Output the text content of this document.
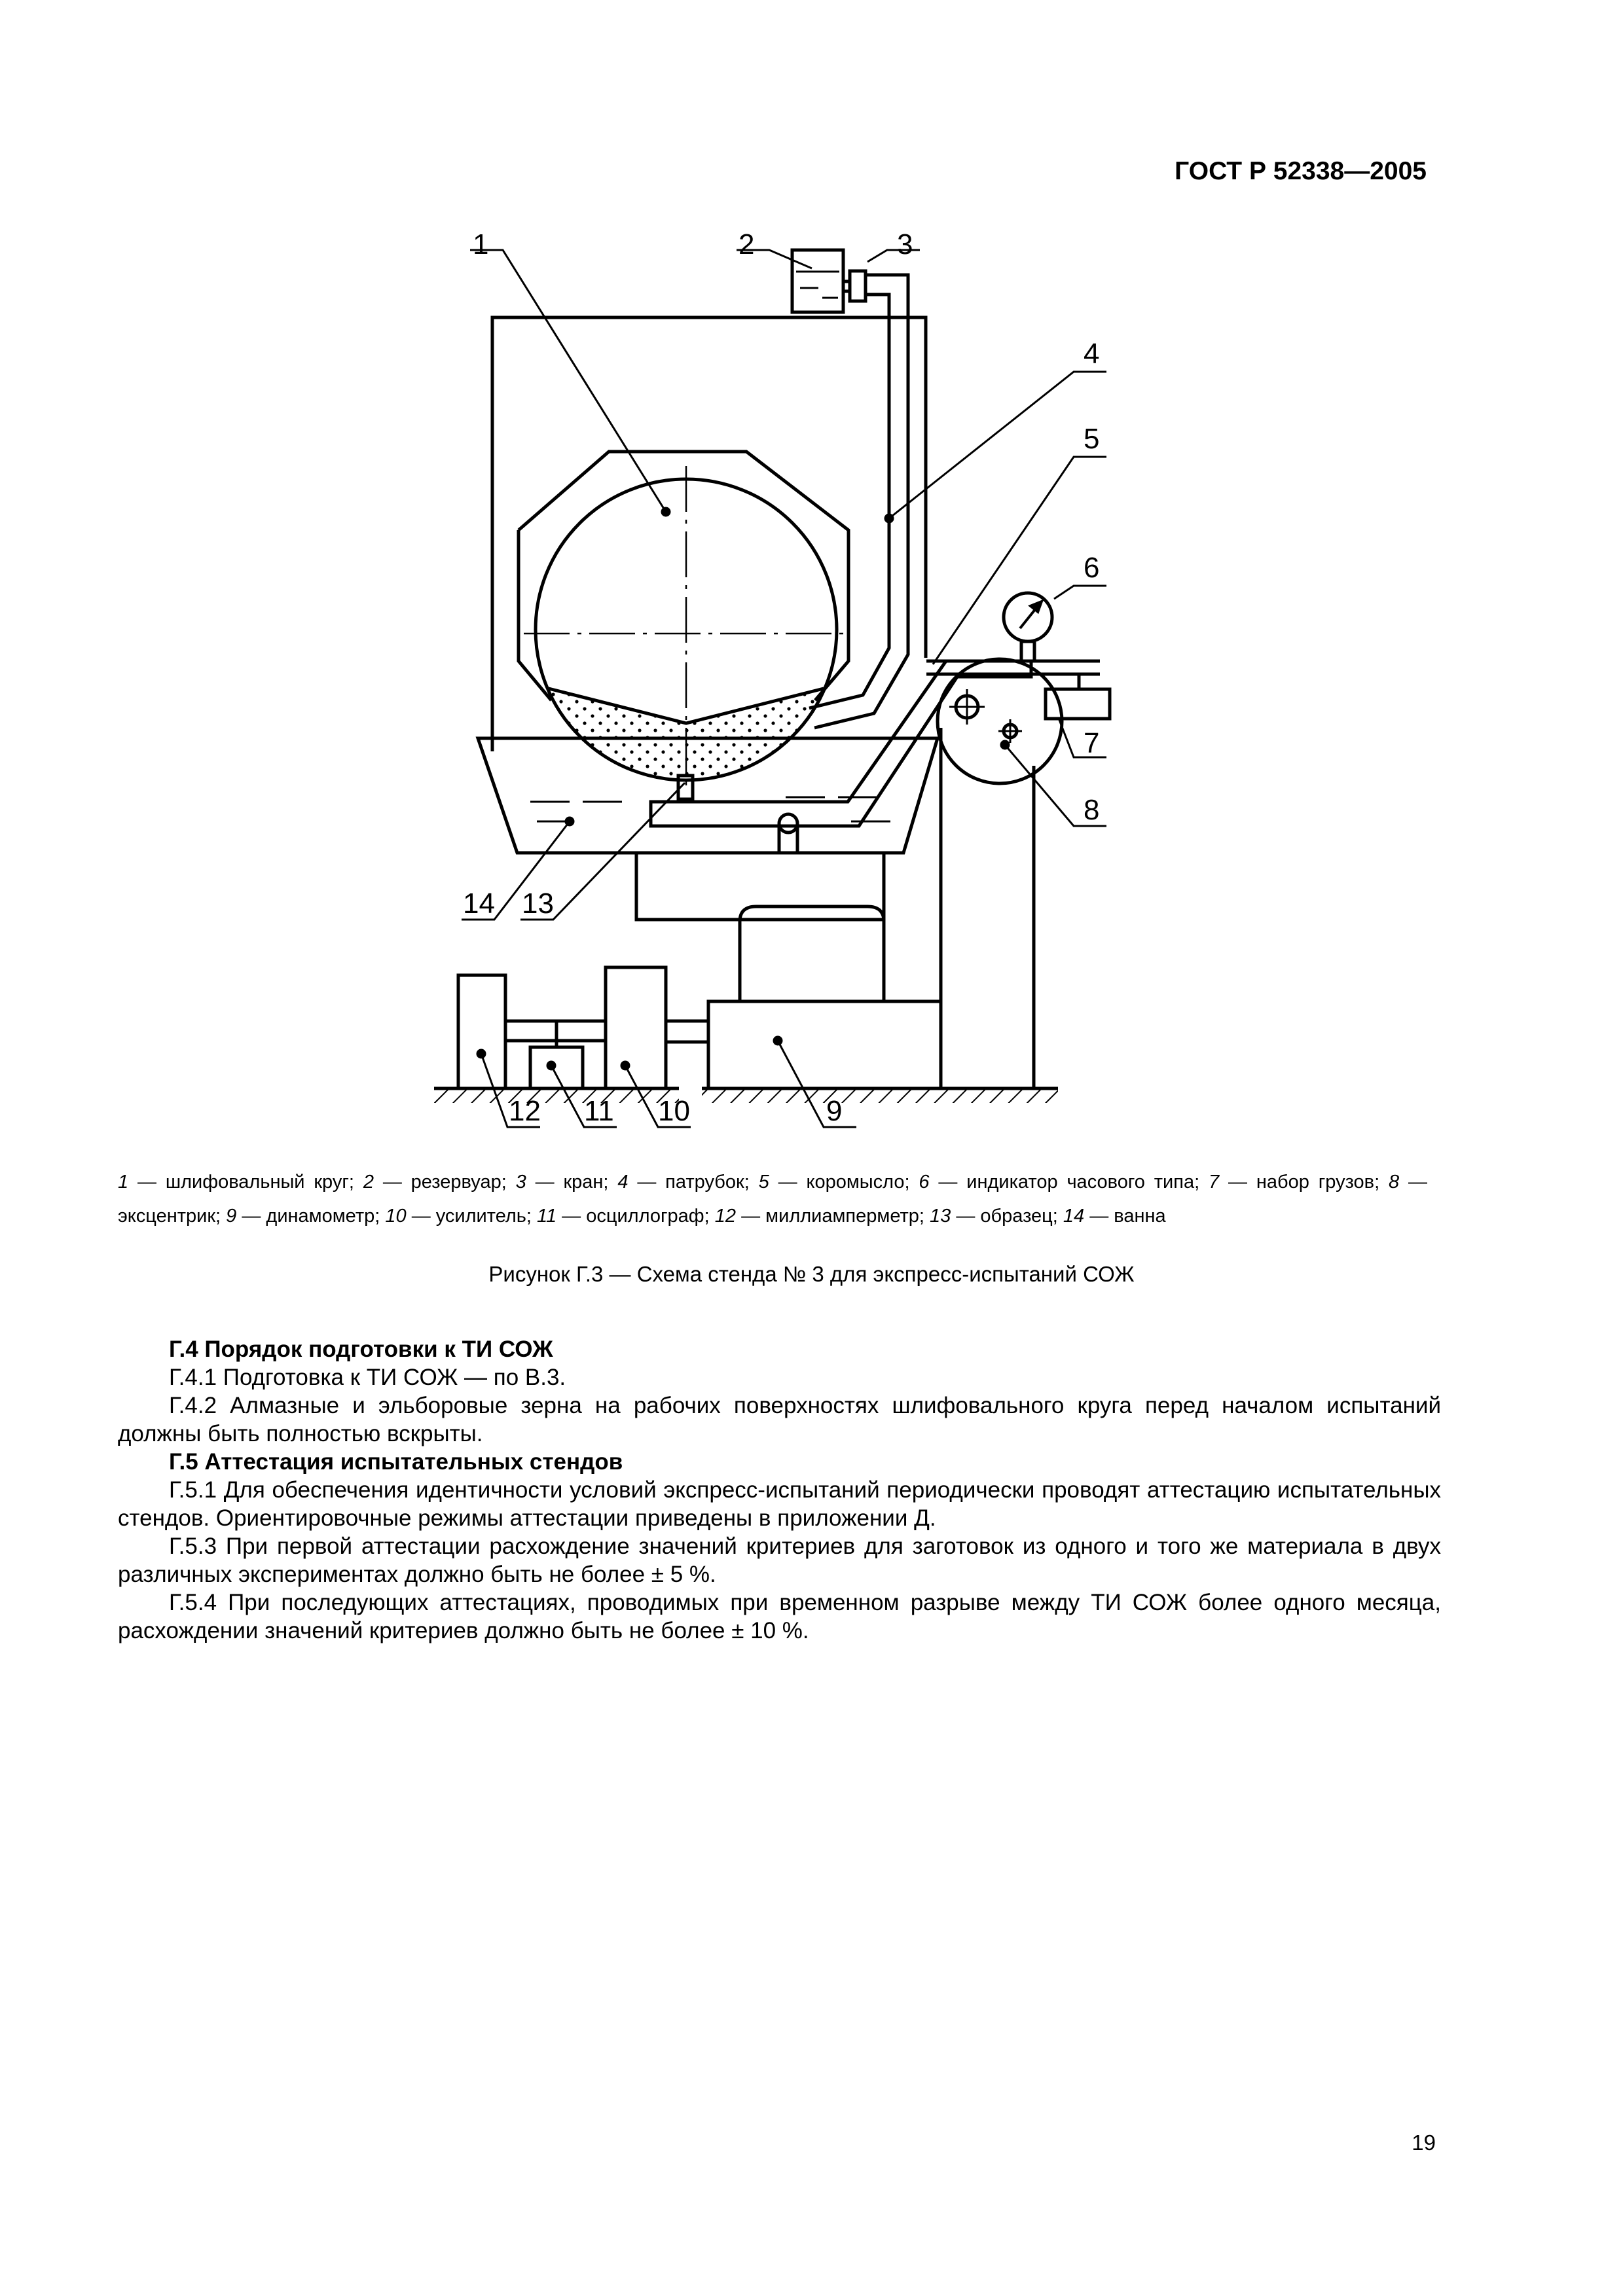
ГОСТ Р 52338—2005
1	2	3
4
5
6
7
8
9
10
11
12
13
14
1 — шлифовальный круг; 2 — резервуар; 3 — кран; 4 — патрубок; 5 — коромысло; 6 — индикатор часового типа; 7 — набор грузов; 8 — эксцентрик; 9 — динамометр; 10 — усилитель; 11 — осциллограф; 12 — миллиамперметр; 13 — образец; 14 — ванна
Рисунок Г.3 — Схема стенда № 3 для экспресс-испытаний СОЖ

Г.4 Порядок подготовки к ТИ СОЖ

Г.4.1 Подготовка к ТИ СОЖ — по В.3.

Г.4.2 Алмазные и эльборовые зерна на рабочих поверхностях шлифовального круга перед началом испытаний должны быть полностью вскрыты.

Г.5 Аттестация испытательных стендов

Г.5.1 Для обеспечения идентичности условий экспресс-испытаний периодически проводят аттестацию испытательных стендов. Ориентировочные режимы аттестации приведены в приложении Д.

Г.5.3 При первой аттестации расхождение значений критериев для заготовок из одного и того же материала в двух различных экспериментах должно быть не более ± 5 %.

Г.5.4 При последующих аттестациях, проводимых при временном разрыве между ТИ СОЖ более одного месяца, расхождении значений критериев должно быть не более ± 10 %.

19
